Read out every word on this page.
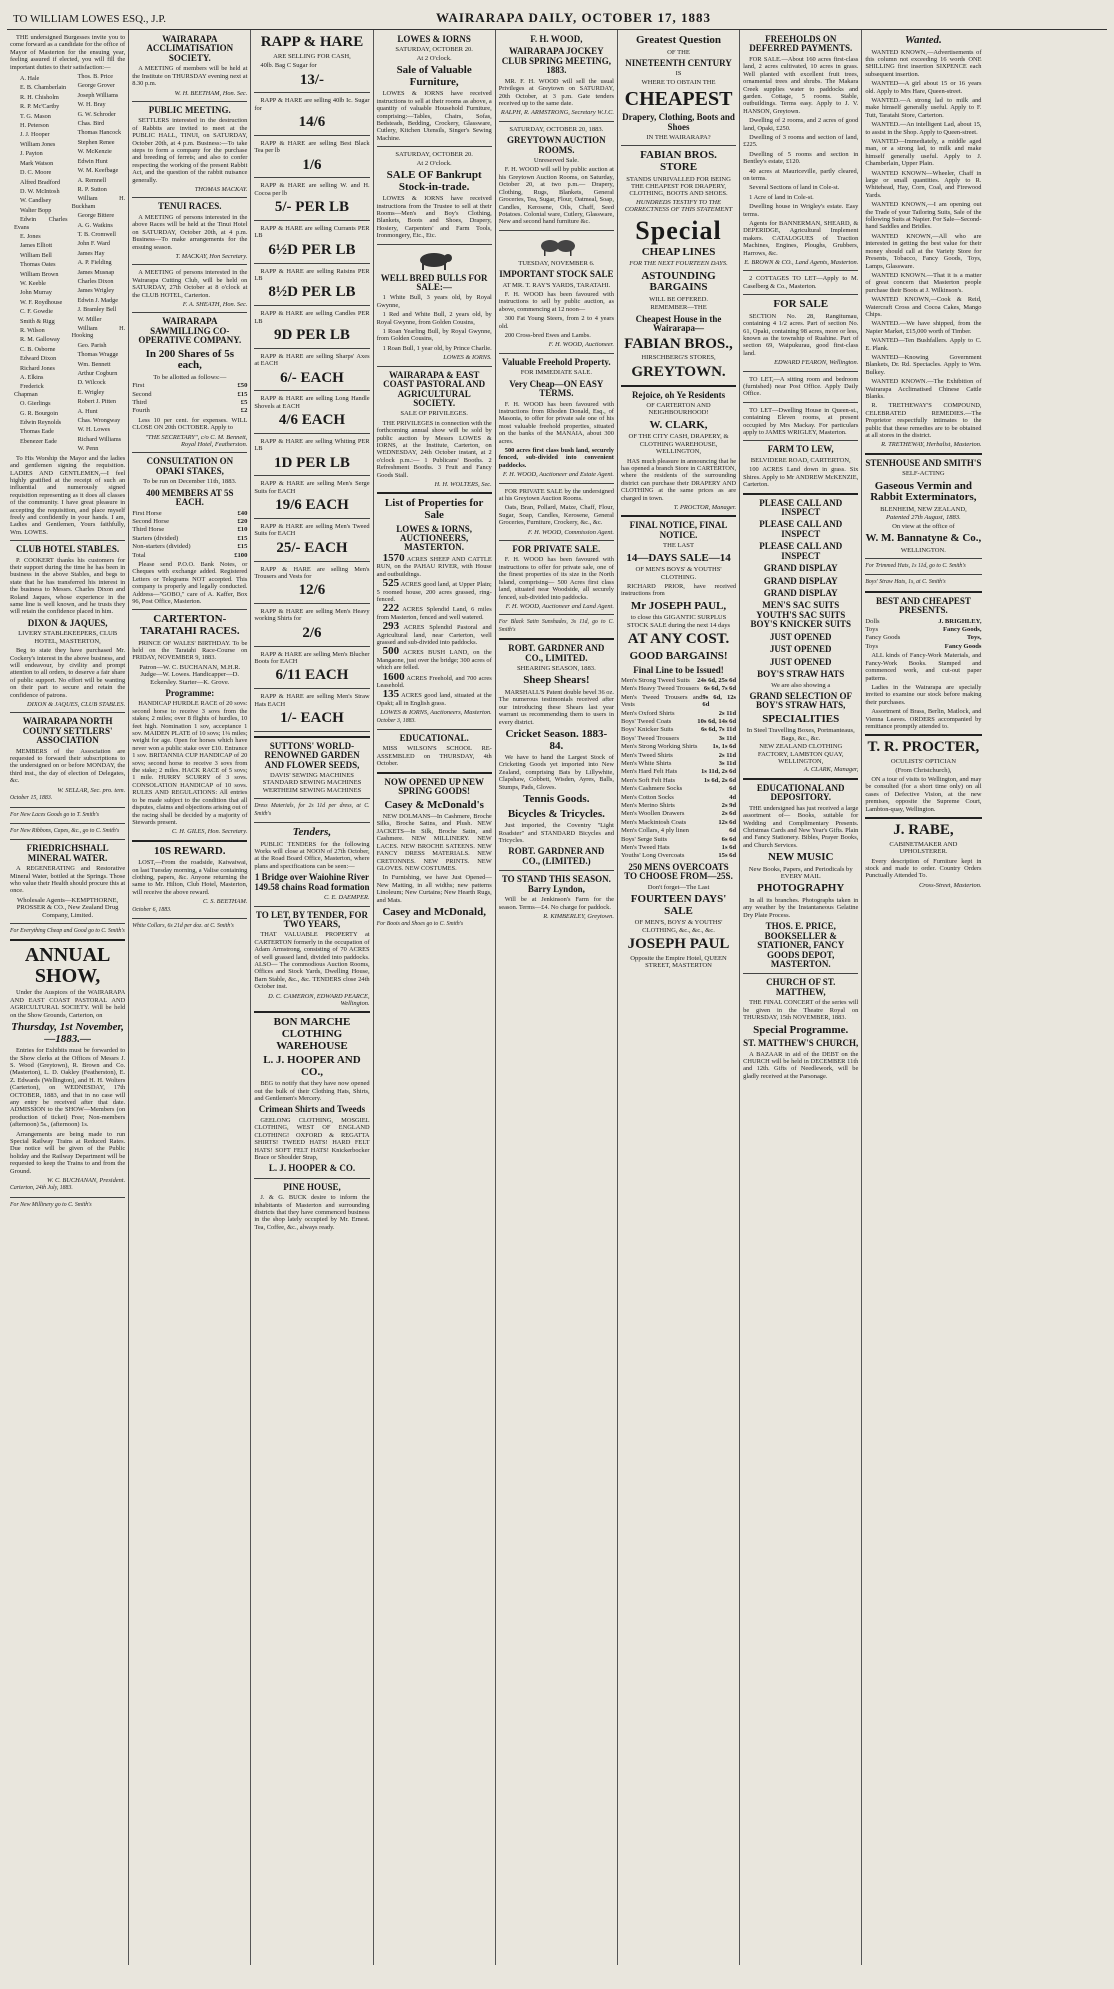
TO WILLIAM LOWES ESQ., J.P.	WAIRARAPA DAILY, OCTOBER 17, 1883
THE undersigned Burgesses invite you to come forward as a candidate for the office of Mayor of Masterton for the ensuing year, feeling assured if elected, you will fill the important duties to their satisfaction:—
A. Hale
E. B. Chamberlain
R. H. Chisholm
R. P. Mc'Cartby
T. G. Mason
H. Peterson
J. J. Hooper
William Jones
J. Payton
Mark Watson
D. C. Moore
Alfred Bradford
D. W. McIntosh
W. Candlsey
Walter Bopp
Edwin Charles Evans
E. Jones
James Elliott
William Bell
Thomas Oates
William Brown
W. Keeble
John Murray
W. F. Roydhouse
C. F. Gowdie
Smith & Rigg
R. Wilson
R. M. Galloway
C. B. Osborne
Edward Dixon
Richard Jones
A. Elkins
Frederick Chapman
O. Gierlings
G. R. Bourgoin
Edwin Reynolds
Thomas Eade
Ebenezer Eade
Thos. B. Price
George Grover
Joseph Williams
W. H. Bray
G. W. Schroder
Chas. Bird
Thomas Hancock
Stephen Renee
W. McKenzie
Edwin Hunt
W. M. Keefbage
A. Remnell
R. P. Sutton
William H. Buckham
George Bittere
A. G. Watkins
T. B. Cromwell
John F. Ward
James Hay
A. P. Fielding
James Musnap
Charles Dixon
James Wrigley
Edwin J. Madge
J. Bramley Bell
W. Miller
William H. Hooking
Geo. Parish
Thomas Wragge
Wm. Bennett
Arthur Cogburn
D. Wilcock
E. Wrigley
Robert J. Pitten
A. Hunt
Chas. Wrongway
W. H. Lowes
Richard Williams
W. Penn
To His Worship the Mayor and the ladies and gentlemen signing the requisition. LADIES AND GENTLEMEN,—I feel highly gratified at the receipt of such an influential and numerously signed requisition representing as it does all classes of the community. I have great pleasure in accepting the requisition, and place myself freely and confidently in your hands. I am, Ladies and Gentlemen, Yours faithfully, Wm. LOWES.
CLUB HOTEL STABLES.
P. COOKERT thanks his customers for their support during the time he has been in business in the above Stables, and begs to state that he has transferred his interest in the business to Messrs. Charles Dixon and Roland Jaques, whose experience in the same line is well known, and he trusts they will retain the confidence placed in him.
DIXON & JAQUES,
LIVERY STABLEKEEPERS, CLUB HOTEL, MASTERTON,
Beg to state they have purchased Mr. Cockery's interest in the above business, and will endeavour, by civility and prompt attention to all orders, to deserve a fair share of public support. No effort will be wanting on their part to secure and retain the confidence of patrons.
DIXON & JAQUES, CLUB STABLES.
WAIRARAPA NORTH COUNTY SETTLERS' ASSOCIATION
MEMBERS of the Association are requested to forward their subscriptions to the undersigned on or before MONDAY, the third inst., the day of election of Delegates, &c.
W. SELLAR, Sec. pro. tem.
October 15, 1883.
For New Laces Goods go to T. Smith's
For New Ribbons, Capes, &c., go to C. Smith's
FRIEDRICHSHALL MINERAL WATER.
A REGENERATING and Restorative Mineral Water, bottled at the Springs. Those who value their Health should procure this at once.
Wholesale Agents—KEMPTHORNE, PROSSER & CO., New Zealand Drug Company, Limited.
For Everything Cheap and Good go to C. Smith's
ANNUAL SHOW,
Under the Auspices of the WAIRARAPA AND EAST COAST PASTORAL AND AGRICULTURAL SOCIETY. Will be held on the Show Grounds, Carterton, on
Thursday, 1st November, —1883.—
Entries for Exhibits must be forwarded to the Show clerks at the Offices of Messrs J. S. Wood (Greytown), R. Brown and Co. (Masterton), L. D. Oakley (Featherston), E. Z. Edwards (Wellington), and H. H. Wolters (Carterton), on WEDNESDAY, 17th OCTOBER, 1883, and that in no case will any entry be received after that date. ADMISSION to the SHOW—Members (on production of ticket) Free; Non-members (afternoon) 5s., (afternoon) 1s.
Arrangements are being made to run Special Railway Trains at Reduced Rates. Due notice will be given of the Public holiday and the Railway Department will be requested to keep the Trains to and from the Ground.
W. C. BUCHANAN, President.
Carterton, 24th July, 1883.
For New Millinery go to C. Smith's
WAIRARAPA ACCLIMATISATION SOCIETY.
A MEETING of members will be held at the Institute on THURSDAY evening next at 8.30 p.m.
W. H. BEETHAM, Hon. Sec.
PUBLIC MEETING.
SETTLERS interested in the destruction of Rabbits are invited to meet at the PUBLIC HALL, TINUI, on SATURDAY, October 20th, at 4 p.m. Business:—To take steps to form a company for the purchase and breeding of ferrets; and also to confer respecting the working of the present Rabbit Act, and the question of the rabbit nuisance generally.
THOMAS MACKAY.
TENUI RACES.
A MEETING of persons interested in the above Races will be held at the Tinui Hotel on SATURDAY, October 20th, at 4 p.m. Business—To make arrangements for the ensuing season.
T. MACKAY, Hon Secretary.
A MEETING of persons interested in the Wairarapa Cutting Club, will be held on SATURDAY, 27th October at 8 o'clock at the CLUB HOTEL, Carterton.
F. A. SHEATH, Hon. Sec.
WAIRARAPA SAWMILLING CO-OPERATIVE COMPANY.
In 200 Shares of 5s each,
To be allotted as follows:—
First	£50
Second	£15
Third	£5
Fourth	£2
Less 10 per cent. for expenses. WILL CLOSE ON 20th OCTOBER. Apply to
"THE SECRETARY", c/o C. M. Bennett, Royal Hotel, Featherston.
CONSULTATION ON OPAKI STAKES,
To be run on December 11th, 1883.
400 MEMBERS AT 5S EACH.
First Horse	£40
Second Horse	£20
Third Horse	£10
Starters (divided)	£15
Non-starters (divided)	£15
Total	£100
Please send P.O.O. Bank Notes, or Cheques with exchange added. Registered Letters or Telegrams NOT accepted. This company is properly and legally conducted. Address—"GOBO," care of A. Kaffer, Box 96, Post Office, Masterton.
CARTERTON-TARATAHI RACES.
PRINCE OF WALES' BIRTHDAY. To be held on the Taratahi Race-Course on FRIDAY, NOVEMBER 9, 1883.
Patron—W. C. BUCHANAN, M.H.R. Judge—W. Lowes. Handicapper—D. Eckersley. Starter—K. Grove.
Programme:
HANDICAP HURDLE RACE of 20 sovs: second horse to receive 3 sovs from the stakes; 2 miles; over 8 flights of hurdles, 10 feet high. Nomination 1 sov, acceptance 1 sov. MAIDEN PLATE of 10 sovs; 1¼ miles; weight for age. Open for horses which have never won a public stake over £10. Entrance 1 sov. BRITANNIA CUP HANDICAP of 20 sovs; second horse to receive 3 sovs from the stake; 2 miles. HACK RACE of 5 sovs; 1 mile. HURRY SCURRY of 3 sovs. CONSOLATION HANDICAP of 10 sovs. RULES AND REGULATIONS: All entries to be made subject to the condition that all disputes, claims and objections arising out of the racing shall be decided by a majority of Stewards present.
C. H. GILES, Hon. Secretary.
10S REWARD.
LOST,—From the roadside, Kaiwaiwai, on last Tuesday morning, a Valise containing clothing, papers, &c. Anyone returning the same to Mr. Hilton, Club Hotel, Masterton, will receive the above reward.
C. S. BEETHAM.
October 6, 1883.
White Collars, 6s 21d per doz. at C. Smith's
RAPP & HARE
ARE SELLING FOR CASH,
40lb. Bag C Sugar for
13/-
RAPP & HARE are selling 40lb Ic. Sugar for
14/6
RAPP & HARE are selling Best Black Tea per lb
1/6
RAPP & HARE are selling W. and H. Cocoa per lb
5/- PER LB
RAPP & HARE are selling Currants PER LB
6½D PER LB
RAPP & HARE are selling Raisins PER LB
8½D PER LB
RAPP & HARE are selling Candles PER LB
9D PER LB
RAPP & HARE are selling Sharps' Axes at EACH
6/- EACH
RAPP & HARE are selling Long Handle Shovels at EACH
4/6 EACH
RAPP & HARE are selling Whiting PER LB
1D PER LB
RAPP & HARE are selling Men's Serge Suits for EACH
19/6 EACH
RAPP & HARE are selling Men's Tweed Suits for EACH
25/- EACH
RAPP & HARE are selling Men's Trousers and Vests for
12/6
RAPP & HARE are selling Men's Heavy working Shirts for
2/6
RAPP & HARE are selling Men's Blucher Boots for EACH
6/11 EACH
RAPP & HARE are selling Men's Straw Hats EACH
1/- EACH
SUTTONS' WORLD-RENOWNED GARDEN AND FLOWER SEEDS,
DAVIS' SEWING MACHINES STANDARD SEWING MACHINES WERTHEIM SEWING MACHINES
Dress Materials, for 2s 11d per dress, at C. Smith's
Tenders,
PUBLIC TENDERS for the following Works will close at NOON of 27th October, at the Road Board Office, Masterton, where plans and specifications can be seen:—
1 Bridge over Waiohine River 149.58 chains Road formation
C. E. DAEMPER.
TO LET, BY TENDER, FOR TWO YEARS,
THAT VALUABLE PROPERTY at CARTERTON formerly in the occupation of Adam Armstrong, consisting of 70 ACRES of well grassed land, divided into paddocks. ALSO— The commodious Auction Rooms, Offices and Stock Yards, Dwelling House, Barn Stable, &c., &c. TENDERS close 24th October inst.
D. C. CAMERON, EDWARD PEARCE, Wellington.
BON MARCHE CLOTHING WAREHOUSE
L. J. HOOPER AND CO.,
BEG to notify that they have now opened out the bulk of their Clothing Hats, Shirts, and Gentlemen's Mercery.
Crimean Shirts and Tweeds
GEELONG CLOTHING, MOSGIEL CLOTHING, WEST OF ENGLAND CLOTHING! OXFORD & REGATTA SHIRTS! TWEED HATS! HARD FELT HATS! SOFT FELT HATS! Knickerbocker Brace or Shoulder Strap,
L. J. HOOPER & CO.
PINE HOUSE,
J. & G. BUCK desire to inform the inhabitants of Masterton and surrounding districts that they have commenced business in the shop lately occupied by Mr. Ernest. Tea, Coffee, &c., always ready.
LOWES & IORNS
SATURDAY, OCTOBER 20.
At 2 O'clock.
Sale of Valuable Furniture,
LOWES & IORNS have received instructions to sell at their rooms as above, a quantity of valuable Household Furniture, comprising:—Tables, Chairs, Sofas, Bedsteads, Bedding, Crockery, Glassware, Cutlery, Kitchen Utensils, Singer's Sewing Machine.
SATURDAY, OCTOBER 20.
At 2 O'clock.
SALE OF Bankrupt Stock-in-trade.
LOWES & IORNS have received instructions from the Trustee to sell at their Rooms—Men's and Boy's Clothing, Blankets, Boots and Shoes, Drapery, Hosiery, Carpenters' and Farm Tools, Ironmongery, Etc., Etc.
WELL BRED BULLS FOR SALE:—
1 White Bull, 3 years old, by Royal Gwynne,
1 Red and White Bull, 2 years old, by Royal Gwynne, from Golden Cousins,
1 Roan Yearling Bull, by Royal Gwynne, from Golden Cousins,
1 Roan Bull, 1 year old, by Prince Charlie.
LOWES & IORNS.
WAIRARAPA & EAST COAST PASTORAL AND AGRICULTURAL SOCIETY.
SALE OF PRIVILEGES.
THE PRIVILEGES in connection with the forthcoming annual show will be sold by public auction by Messrs LOWES & IORNS, at the Institute, Carterton, on WEDNESDAY, 24th October instant, at 2 o'clock p.m.:— 1 Publicans' Booths. 2 Refreshment Booths. 3 Fruit and Fancy Goods Stall.
H. H. WOLTERS, Sec.
List of Properties for Sale
LOWES & IORNS, AUCTIONEERS, MASTERTON.
1570 ACRES SHEEP AND CATTLE RUN, on the PAHAU RIVER, with House and outbuildings.
525 ACRES good land, at Upper Plain; 5 roomed house, 200 acres grassed, ring-fenced.
222 ACRES Splendid Land, 6 miles from Masterton, fenced and well watered.
293 ACRES Splendid Pastoral and Agricultural land, near Carterton, well grassed and sub-divided into paddocks.
500 ACRES BUSH LAND, on the Mangaone, just over the bridge; 300 acres of which are felled.
1600 ACRES Freehold, and 700 acres Leasehold.
135 ACRES good land, situated at the Opaki; all in English grass.
LOWES & IORNS, Auctioneers, Masterton.
October 3, 1883.
EDUCATIONAL.
MISS WILSON'S SCHOOL RE-ASSEMBLED on THURSDAY, 4th October.
NOW OPENED UP NEW SPRING GOODS!
Casey & McDonald's
NEW DOLMANS—In Cashmere, Broche Silks, Broche Satins, and Plush. NEW JACKETS—In Silk, Broche Satin, and Cashmere. NEW MILLINERY. NEW LACES. NEW BROCHE SATEENS. NEW FANCY DRESS MATERIALS. NEW CRETONNES. NEW PRINTS. NEW GLOVES. NEW COSTUMES.
In Furnishing, we have Just Opened—New Matting, in all widths; new patterns Linoleum; New Curtains; New Hearth Rugs, and Mats.
Casey and McDonald,
For Boots and Shoes go to C. Smith's
F. H. WOOD,
WAIRARAPA JOCKEY CLUB SPRING MEETING, 1883.
MR. F. H. WOOD will sell the usual Privileges at Greytown on SATURDAY, 20th October, at 3 p.m. Gate tenders received up to the same date.
RALPH, R. ARMSTRONG, Secretary W.J.C.
SATURDAY, OCTOBER 20, 1883.
GREYTOWN AUCTION ROOMS.
Unreserved Sale.
F. H. WOOD will sell by public auction at his Greytown Auction Rooms, on Saturday, October 20, at two p.m.— Drapery, Clothing, Rugs, Blankets, General Groceries, Tea, Sugar, Flour, Oatmeal, Soap, Candles, Kerosene, Oils, Chaff, Seed Potatoes. Colonial ware, Cutlery, Glassware, New and second hand furniture &c.
TUESDAY, NOVEMBER 6.
IMPORTANT STOCK SALE
AT MR. T. RAY'S YARDS, TARATAHI.
F. H. WOOD has been favoured with instructions to sell by public auction, as above, commencing at 12 noon—
300 Fat Young Steers, from 2 to 4 years old.
200 Cross-bred Ewes and Lambs.
F. H. WOOD, Auctioneer.
Valuable Freehold Property.
FOR IMMEDIATE SALE.
Very Cheap—ON EASY TERMS.
F. H. WOOD has been favoured with instructions from Rhoden Donald, Esq., of Masonia, to offer for private sale one of his most valuable freehold properties, situated on the banks of the MANAIA, about 300 acres.
500 acres first class bush land, securely fenced, sub-divided into convenient paddocks.
F. H. WOOD, Auctioneer and Estate Agent.
FOR PRIVATE SALE by the undersigned at his Greytown Auction Rooms.
Oats, Bran, Pollard, Maize, Chaff, Flour, Sugar, Soap, Candles, Kerosene, General Groceries, Furniture, Crockery, &c., &c.
F. H. WOOD, Commission Agent.
FOR PRIVATE SALE.
F. H. WOOD has been favoured with instructions to offer for private sale, one of the finest properties of its size in the North Island, comprising— 500 Acres first class land, situated near Woodside, all securely fenced, sub-divided into paddocks.
F. H. WOOD, Auctioneer and Land Agent.
For Black Satin Sunshades, 3s 11d, go to C. Smith's
ROBT. GARDNER AND CO., LIMITED.
SHEARING SEASON, 1883.
Sheep Shears!
MARSHALL'S Patent double bevel 36 oz. The numerous testimonials received after our introducing these Shears last year warrant us recommending them to users in every district.
Cricket Season. 1883-84.
We have to hand the Largest Stock of Cricketing Goods yet imported into New Zealand, comprising Bats by Lillywhite, Clapshaw, Cobbett, Wisden, Ayres, Balls, Stumps, Pads, Gloves.
Tennis Goods.
Bicycles & Tricycles.
Just imported, the Coventry "Light Roadster" and STANDARD Bicycles and Tricycles.
ROBT. GARDNER AND CO., (LIMITED.)
TO STAND THIS SEASON. Barry Lyndon,
Will be at Jenkinson's Farm for the season. Terms—£4. No charge for paddock.
R. KIMBERLEY, Greytown.
Greatest Question
OF THE
NINETEENTH CENTURY
IS
WHERE TO OBTAIN THE
CHEAPEST
Drapery, Clothing, Boots and Shoes
IN THE WAIRARAPA?
FABIAN BROS. STORE
STANDS UNRIVALLED FOR BEING THE CHEAPEST FOR DRAPERY, CLOTHING, BOOTS AND SHOES.
HUNDREDS TESTIFY TO THE CORRECTNESS OF THIS STATEMENT
Special
CHEAP LINES
FOR THE NEXT FOURTEEN DAYS.
ASTOUNDING BARGAINS
WILL BE OFFERED.
REMEMBER—THE
Cheapest House in the Wairarapa—
FABIAN BROS.,
HIRSCHBERG'S STORES,
GREYTOWN.
Rejoice, oh Ye Residents
OF CARTERTON AND NEIGHBOURHOOD!
W. CLARK,
OF THE CITY CASH, DRAPERY, & CLOTHING WAREHOUSE, WELLINGTON,
HAS much pleasure in announcing that he has opened a branch Store in CARTERTON, where the residents of the surrounding district can purchase their DRAPERY AND CLOTHING at the same prices as are charged in town.
T. PROCTOR, Manager.
FINAL NOTICE, FINAL NOTICE.
THE LAST
14—DAYS SALE—14
OF MEN'S BOYS' & YOUTHS' CLOTHING.
RICHARD PRIOR, have received instructions from
Mr JOSEPH PAUL,
to close this GIGANTIC SURPLUS STOCK SALE during the next 14 days
AT ANY COST.
GOOD BARGAINS!
Final Line to be Issued!
Men's Strong Tweed Suits 24s 6d, 25s 6d
Men's Heavy Tweed Trousers 6s 6d, 7s 6d
Men's Tweed Trousers and Vests
9s 6d, 12s 6d
Men's Oxford Shirts	2s 11d
Boys' Tweed Coats	10s 6d, 14s 6d
Boys' Knicker Suits	6s 6d, 7s 11d
Boys' Tweed Trousers	3s 11d
Men's Strong Working Shirts 1s, 1s 6d
Men's Tweed Shirts	2s 11d
Men's White Shirts	3s 11d
Men's Hard Felt Hats	1s 11d, 2s 6d
Men's Soft Felt Hats	1s 6d, 2s 6d
Men's Cashmere Socks	6d
Men's Cotton Socks	4d
Men's Merino Shirts	2s 9d
Men's Woollen Drawers	2s 6d
Men's Mackintosh Coats	12s 6d
Men's Collars, 4 ply linen	6d
Boys' Serge Suits	6s 6d
Men's Tweed Hats	1s 6d
Youths' Long Overcoats	15s 6d
250 MENS OVERCOATS TO CHOOSE FROM—25S.
Don't forget—The Last
FOURTEEN DAYS' SALE
OF MEN'S, BOYS' & YOUTHS' CLOTHING, &c., &c., &c.
JOSEPH PAUL
Opposite the Empire Hotel, QUEEN STREET, MASTERTON
FREEHOLDS ON DEFERRED PAYMENTS.
FOR SALE.—About 160 acres first-class land, 2 acres cultivated, 10 acres in grass. Well planted with excellent fruit trees, ornamental trees and shrubs. The Makara Creek supplies water to paddocks and garden. Cottage, 5 rooms. Stable, outbuildings. Terms easy. Apply to J. V. HANSON, Greytown.
Dwelling of 2 rooms, and 2 acres of good land, Opaki, £250.
Dwelling of 3 rooms and section of land, £225.
Dwelling of 5 rooms and section in Bentley's estate, £120.
40 acres at Mauriceville, partly cleared, on terms.
Several Sections of land in Cole-st.
1 Acre of land in Cole-st.
Dwelling house in Wrigley's estate. Easy terms.
Agents for BANNERMAN, SHEARD, & DEPERIDGE, Agricultural Implement makers. CATALOGUES of Traction Machines, Engines, Ploughs, Grubbers, Harrows, &c.
E. BROWN & CO., Land Agents, Masterton.
2 COTTAGES TO LET—Apply to M. Caselberg & Co., Masterton.
FOR SALE
SECTION No. 28, Rangitumau, containing 4 1/2 acres. Part of section No. 61, Opaki, containing 98 acres, more or less, known as the township of Ruahine. Part of section 69, Waipukurau, good first-class land.
EDWARD FEARON, Wellington.
TO LET,—A sitting room and bedroom (furnished) near Post Office. Apply Daily Office.
TO LET—Dwelling House in Queen-st., containing Eleven rooms, at present occupied by Mrs Mackay. For particulars apply to JAMES WRIGLEY, Masterton.
FARM TO LEW,
BELVIDERE ROAD, CARTERTON,
100 ACRES Land down in grass. Six Shires. Apply to Mr ANDREW McKENZIE, Carterton.
PLEASE CALL AND INSPECT
PLEASE CALL AND INSPECT
PLEASE CALL AND INSPECT
GRAND DISPLAY
GRAND DISPLAY
GRAND DISPLAY
MEN'S SAC SUITS YOUTH'S SAC SUITS BOY'S KNICKER SUITS
JUST OPENED
JUST OPENED
JUST OPENED
BOY'S STRAW HATS
We are also showing a
GRAND SELECTION OF BOY'S STRAW HATS,
SPECIALITIES
In Steel Travelling Boxes, Portmanteaus, Bags, &c., &c.
NEW ZEALAND CLOTHING FACTORY, LAMBTON QUAY, WELLINGTON,
A. CLARK, Manager,
EDUCATIONAL AND DEPOSITORY.
THE undersigned has just received a large assortment of— Books, suitable for Wedding and Complimentary Presents. Christmas Cards and New Year's Gifts. Plain and Fancy Stationery. Bibles, Prayer Books, and Church Services.
NEW MUSIC
New Books, Papers, and Periodicals by EVERY MAIL
PHOTOGRAPHY
In all its branches. Photographs taken in any weather by the Instantaneous Gelatine Dry Plate Process.
THOS. E. PRICE, BOOKSELLER & STATIONER, FANCY GOODS DEPOT, MASTERTON.
CHURCH OF ST. MATTHEW,
THE FINAL CONCERT of the series will be given in the Theatre Royal on THURSDAY, 15th NOVEMBER, 1883.
Special Programme.
ST. MATTHEW'S CHURCH,
A BAZAAR in aid of the DEBT on the CHURCH will be held in DECEMBER 11th and 12th. Gifts of Needlework, will be gladly received at the Parsonage.
Wanted.
WANTED KNOWN,—Advertisements of this column not exceeding 16 words ONE SHILLING first insertion SIXPENCE each subsequent insertion.
WANTED—A girl about 15 or 16 years old. Apply to Mrs Hare, Queen-street.
WANTED.—A strong lad to milk and make himself generally useful. Apply to F. Tutt, Taratahi Store, Carterton.
WANTED.—An intelligent Lad, about 15, to assist in the Shop. Apply to Queen-street.
WANTED—Immediately, a middle aged man, or a strong lad, to milk and make himself generally useful. Apply to J. Chamberlain, Upper Plain.
WANTED KNOWN—Wheeler, Chaff in large or small quantities. Apply to R. Whitehead, Hay, Corn, Coal, and Firewood Yards.
WANTED KNOWN,—I am opening out the Trade of your Tailoring Suits, Sale of the following Suits at Napier. For Sale—Second-hand Saddles and Bridles.
WANTED KNOWN,—All who are interested in getting the best value for their money should call at the Variety Store for Presents, Tobacco, Fancy Goods, Toys, Lamps, Glassware.
WANTED KNOWN.—That it is a matter of great concern that Masterton people purchase their Boots at J. Wilkinson's.
WANTED KNOWN,—Cook & Reid, Watercraft Cross and Cocoa Cakes, Mango Chips.
WANTED.—We have shipped, from the Napier Market, £15,000 worth of Timber.
WANTED—Ten Bushfallers. Apply to C. E. Plank.
WANTED—Knowing Government Blankets, Dr. Rd. Spectacles. Apply to Wm. Bulkey.
WANTED KNOWN.—The Exhibition of Wairarapa Acclimatised Chinese Cattle Blanks.
R. TRETHEWAY'S COMPOUND, CELEBRATED REMEDIES.—The Proprietor respectfully intimates to the public that these remedies are to be obtained at all stores in the district.
R. TRETHEWAY, Herbalist, Masterton.
STENHOUSE AND SMITH'S
SELF-ACTING
Gaseous Vermin and Rabbit Exterminators,
BLENHEIM, NEW ZEALAND,
Patented 27th August, 1883.
On view at the office of
W. M. Bannatyne & Co.,
WELLINGTON.
For Trimmed Hats, 1s 11d, go to C. Smith's
Boys' Straw Hats, 1s, at C. Smith's
BEST AND CHEAPEST PRESENTS.
Dolls	J. BRIGHLEY,
Toys	Fancy Goods,
Fancy Goods	Toys,
Toys	Fancy Goods
ALL kinds of Fancy-Work Materials, and Fancy-Work Books. Stamped and commenced work, and cut-out paper patterns.
Ladies in the Wairarapa are specially invited to examine our stock before making their purchases.
Assortment of Brass, Berlin, Matlock, and Vienna Leaves. ORDERS accompanied by remittance promptly attended to.
T. R. PROCTER,
OCULISTS' OPTICIAN
(From Christchurch),
ON a tour of visits to Wellington, and may be consulted (for a short time only) on all cases of Defective Vision, at the new premises, opposite the Supreme Court, Lambton-quay, Wellington.
J. RABE,
CABINETMAKER AND UPHOLSTERER.
Every description of Furniture kept in stock and made to order. Country Orders Punctually Attended To.
Cross-Street, Masterton.
